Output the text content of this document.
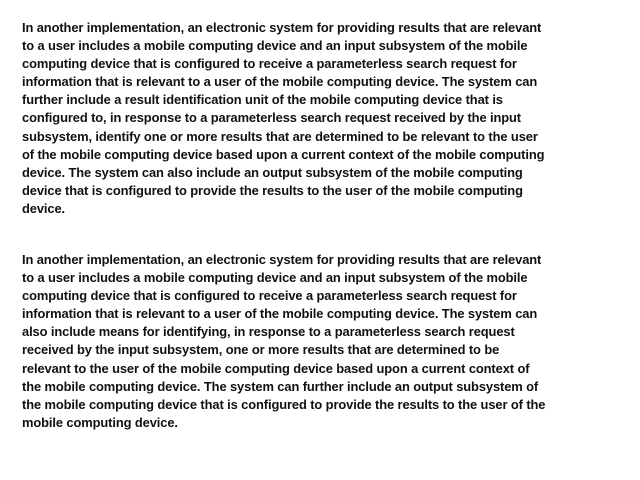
In another implementation, an electronic system for providing results that are relevant
to a user includes a mobile computing device and an input subsystem of the mobile
computing device that is configured to receive a parameterless search request for
information that is relevant to a user of the mobile computing device. The system can
further include a result identification unit of the mobile computing device that is
configured to, in response to a parameterless search request received by the input
subsystem, identify one or more results that are determined to be relevant to the user
of the mobile computing device based upon a current context of the mobile computing
device. The system can also include an output subsystem of the mobile computing
device that is configured to provide the results to the user of the mobile computing
device.
In another implementation, an electronic system for providing results that are relevant
to a user includes a mobile computing device and an input subsystem of the mobile
computing device that is configured to receive a parameterless search request for
information that is relevant to a user of the mobile computing device. The system can
also include means for identifying, in response to a parameterless search request
received by the input subsystem, one or more results that are determined to be
relevant to the user of the mobile computing device based upon a current context of
the mobile computing device. The system can further include an output subsystem of
the mobile computing device that is configured to provide the results to the user of the
mobile computing device.
